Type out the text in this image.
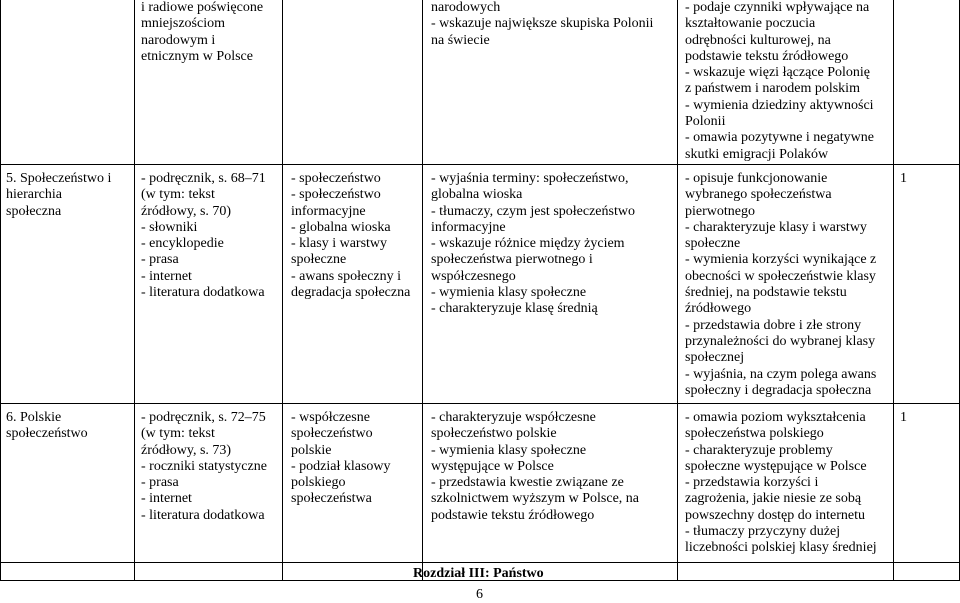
i radiowe poświęcone
mniejszościom
narodowym i
etnicznym w Polsce
narodowych
- wskazuje największe skupiska Polonii
na świecie
- podaje czynniki wpływające na
kształtowanie poczucia
odrębności kulturowej, na
podstawie tekstu źródłowego
- wskazuje więzi łączące Polonię
z państwem i narodem polskim
- wymienia dziedziny aktywności
Polonii
- omawia pozytywne i negatywne
skutki emigracji Polaków
5. Społeczeństwo i
hierarchia
społeczna
- podręcznik, s. 68–71
(w tym: tekst
źródłowy, s. 70)
- słowniki
- encyklopedie
- prasa
- internet
- literatura dodatkowa
- społeczeństwo
- społeczeństwo
informacyjne
- globalna wioska
- klasy i warstwy
społeczne
- awans społeczny i
degradacja społeczna
- wyjaśnia terminy: społeczeństwo,
globalna wioska
- tłumaczy, czym jest społeczeństwo
informacyjne
- wskazuje różnice między życiem
społeczeństwa pierwotnego i
współczesnego
- wymienia klasy społeczne
- charakteryzuje klasę średnią
- opisuje funkcjonowanie
wybranego społeczeństwa
pierwotnego
- charakteryzuje klasy i warstwy
społeczne
- wymienia korzyści wynikające z
obecności w społeczeństwie klasy
średniej, na podstawie tekstu
źródłowego
- przedstawia dobre i złe strony
przynależności do wybranej klasy
społecznej
- wyjaśnia, na czym polega awans
społeczny i degradacja społeczna
1
6. Polskie
społeczeństwo
- podręcznik, s. 72–75
(w tym: tekst
źródłowy, s. 73)
- roczniki statystyczne
- prasa
- internet
- literatura dodatkowa
- współczesne
społeczeństwo
polskie
- podział klasowy
polskiego
społeczeństwa
- charakteryzuje współczesne
społeczeństwo polskie
- wymienia klasy społeczne
występujące w Polsce
- przedstawia kwestie związane ze
szkolnictwem wyższym w Polsce, na
podstawie tekstu źródłowego
- omawia poziom wykształcenia
społeczeństwa polskiego
- charakteryzuje problemy
społeczne występujące w Polsce
- przedstawia korzyści i
zagrożenia, jakie niesie ze sobą
powszechny dostęp do internetu
- tłumaczy przyczyny dużej
liczebności polskiej klasy średniej
1
Rozdział III: Państwo
6
